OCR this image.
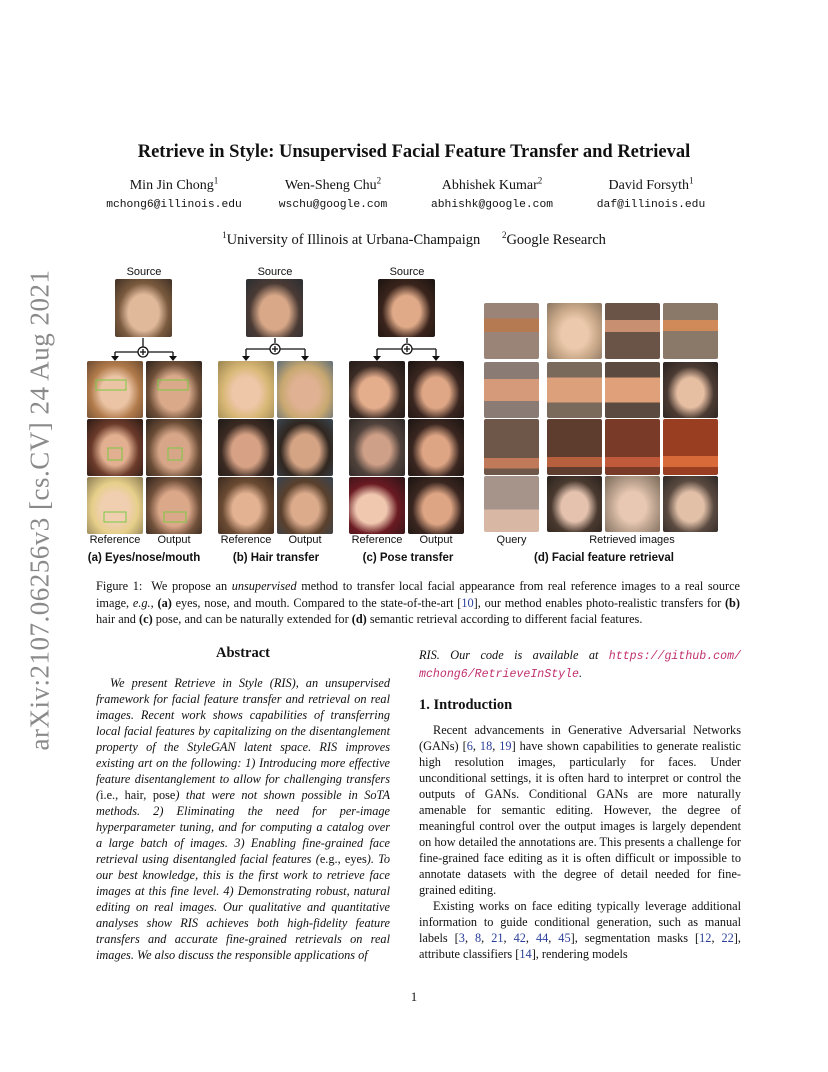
arXiv:2107.06256v3 [cs.CV] 24 Aug 2021
Retrieve in Style: Unsupervised Facial Feature Transfer and Retrieval
Min Jin Chong$^1$
mchong6@illinois.edu
Wen-Sheng Chu$^2$
wschu@google.com
Abhishek Kumar$^2$
abhishk@google.com
David Forsyth$^1$
daf@illinois.edu
$^1$University of Illinois at Urbana-Champaign $^2$Google Research
Source
Reference	Output
(a) Eyes/nose/mouth
Source
Reference	Output
(b) Hair transfer
Source
Reference	Output
(c) Pose transfer
Query	Retrieved images
(d) Facial feature retrieval
Figure 1:  We propose an unsupervised method to transfer local facial appearance from real reference images to a real source image, e.g., (a) eyes, nose, and mouth. Compared to the state-of-the-art [10], our method enables photo-realistic transfers for (b) hair and (c) pose, and can be naturally extended for (d) semantic retrieval according to different facial features.
Abstract
We present Retrieve in Style (RIS), an unsupervised framework for facial feature transfer and retrieval on real images. Recent work shows capabilities of transferring local facial features by capitalizing on the disentanglement property of the StyleGAN latent space. RIS improves existing art on the following: 1) Introducing more effective feature disentanglement to allow for challenging transfers (i.e., hair, pose) that were not shown possible in SoTA methods. 2) Eliminating the need for per-image hyperparameter tuning, and for computing a catalog over a large batch of images. 3) Enabling fine-grained face retrieval using disentangled facial features (e.g., eyes). To our best knowledge, this is the first work to retrieve face images at this fine level. 4) Demonstrating robust, natural editing on real images. Our qualitative and quantitative analyses show RIS achieves both high-fidelity feature transfers and accurate fine-grained retrievals on real images. We also discuss the responsible applications of
RIS. Our code is available at https://github.com/ mchong6/RetrieveInStyle.
1. Introduction

Recent advancements in Generative Adversarial Networks (GANs) [6, 18, 19] have shown capabilities to generate realistic high resolution images, particularly for faces. Under unconditional settings, it is often hard to interpret or control the outputs of GANs. Conditional GANs are more naturally amenable for semantic editing. However, the degree of meaningful control over the output images is largely dependent on how detailed the annotations are. This presents a challenge for fine-grained face editing as it is often difficult or impossible to annotate datasets with the degree of detail needed for fine-grained editing.

Existing works on face editing typically leverage additional information to guide conditional generation, such as manual labels [3, 8, 21, 42, 44, 45], segmentation masks [12, 22], attribute classifiers [14], rendering models

1
